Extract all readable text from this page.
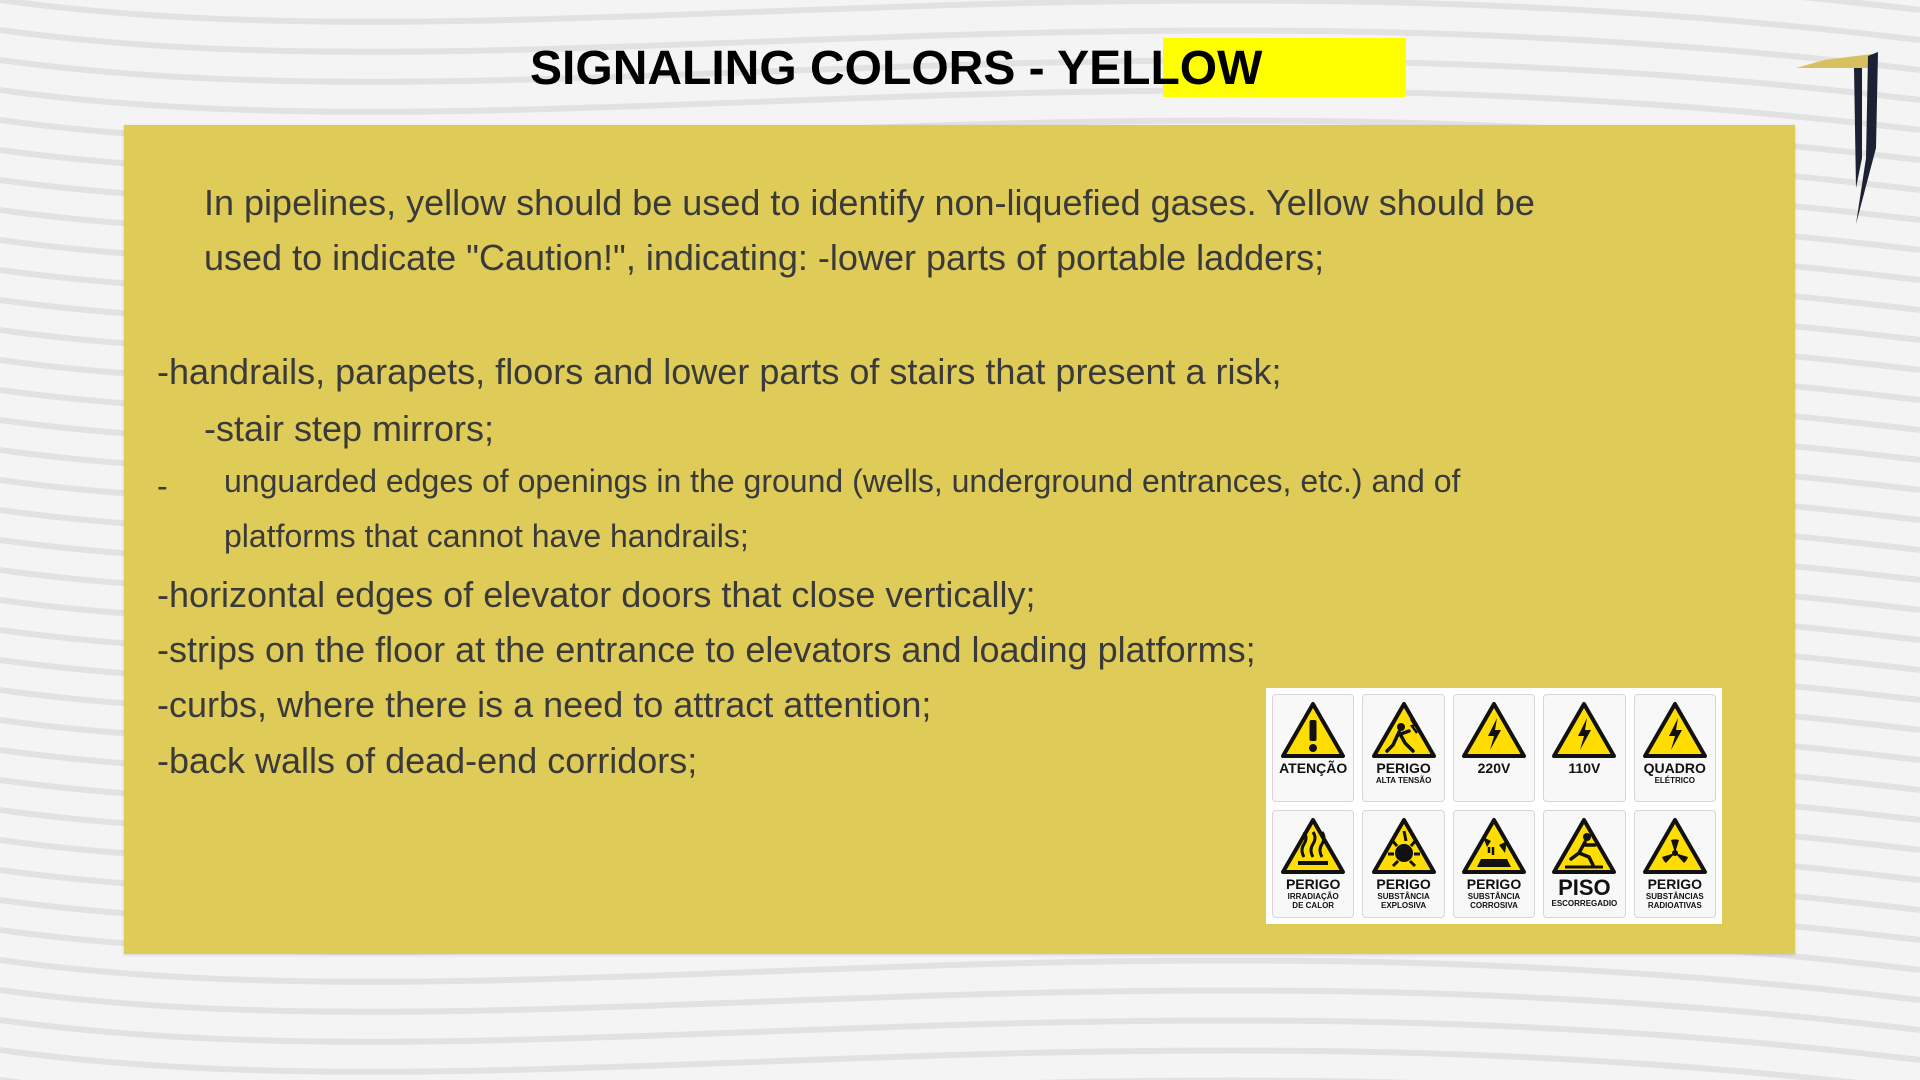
SIGNALING COLORS - YELLOW

In pipelines, yellow should be used to identify non-liquefied gases. Yellow should be

used to indicate "Caution!", indicating: -lower parts of portable ladders;

-handrails, parapets, floors and lower parts of stairs that present a risk;

-stair step mirrors;

- unguarded edges of openings in the ground (wells, underground entrances, etc.) and of

platforms that cannot have handrails;

-horizontal edges of elevator doors that close vertically;

-strips on the floor at the entrance to elevators and loading platforms;

-curbs, where there is a need to attract attention;

-back walls of dead-end corridors;	ATENÇÃO PERIGO
ALTA TENSÃO
220V	110V	QUADRO
ELÉTRICO
PERIGO
IRRADIAÇÃO
DE CALOR
PERIGO
SUBSTÂNCIA
EXPLOSIVA
PERIGO
SUBSTÂNCIA
CORROSIVA
PISO
ESCORREGADIO
PERIGO
SUBSTÂNCIAS
RADIOATIVAS
